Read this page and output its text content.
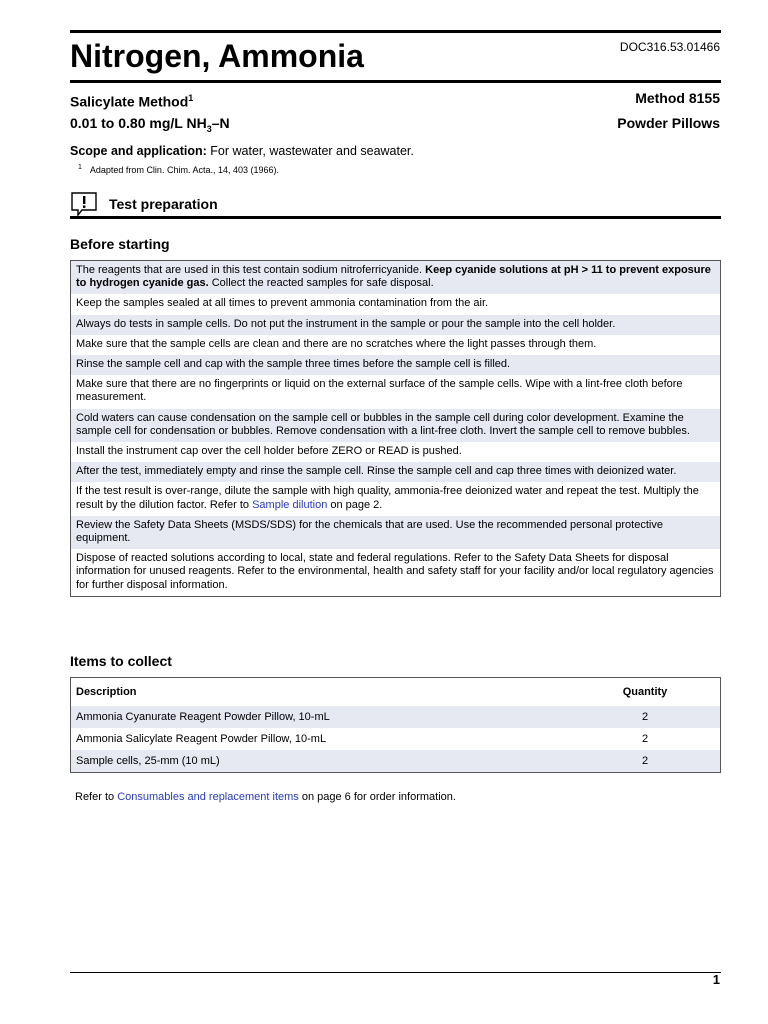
Nitrogen, Ammonia	DOC316.53.01466
Salicylate Method$^1$	Method 8155
0.01 to 0.80 mg/L $NH_3-N$	Powder Pillows
Scope and application: For water, wastewater and seawater.
$^1$ Adapted from Clin. Chim. Acta., 14, 403 (1966).
Test preparation
Before starting
The reagents that are used in this test contain sodium nitroferricyanide. Keep cyanide solutions at pH > 11 to prevent exposure to hydrogen cyanide gas. Collect the reacted samples for safe disposal.
Keep the samples sealed at all times to prevent ammonia contamination from the air.
Always do tests in sample cells. Do not put the instrument in the sample or pour the sample into the cell holder.
Make sure that the sample cells are clean and there are no scratches where the light passes through them.
Rinse the sample cell and cap with the sample three times before the sample cell is filled.
Make sure that there are no fingerprints or liquid on the external surface of the sample cells. Wipe with a lint-free cloth before measurement.
Cold waters can cause condensation on the sample cell or bubbles in the sample cell during color development. Examine the sample cell for condensation or bubbles. Remove condensation with a lint-free cloth. Invert the sample cell to remove bubbles.
Install the instrument cap over the cell holder before ZERO or READ is pushed.
After the test, immediately empty and rinse the sample cell. Rinse the sample cell and cap three times with deionized water.
If the test result is over-range, dilute the sample with high quality, ammonia-free deionized water and repeat the test. Multiply the result by the dilution factor. Refer to Sample dilution on page 2.
Review the Safety Data Sheets (MSDS/SDS) for the chemicals that are used. Use the recommended personal protective equipment.
Dispose of reacted solutions according to local, state and federal regulations. Refer to the Safety Data Sheets for disposal information for unused reagents. Refer to the environmental, health and safety staff for your facility and/or local regulatory agencies for further disposal information.
Items to collect
Description	Quantity
Ammonia Cyanurate Reagent Powder Pillow, 10-mL	2
Ammonia Salicylate Reagent Powder Pillow, 10-mL	2
Sample cells, 25-mm (10 mL)	2
Refer to Consumables and replacement items on page 6 for order information.
1
